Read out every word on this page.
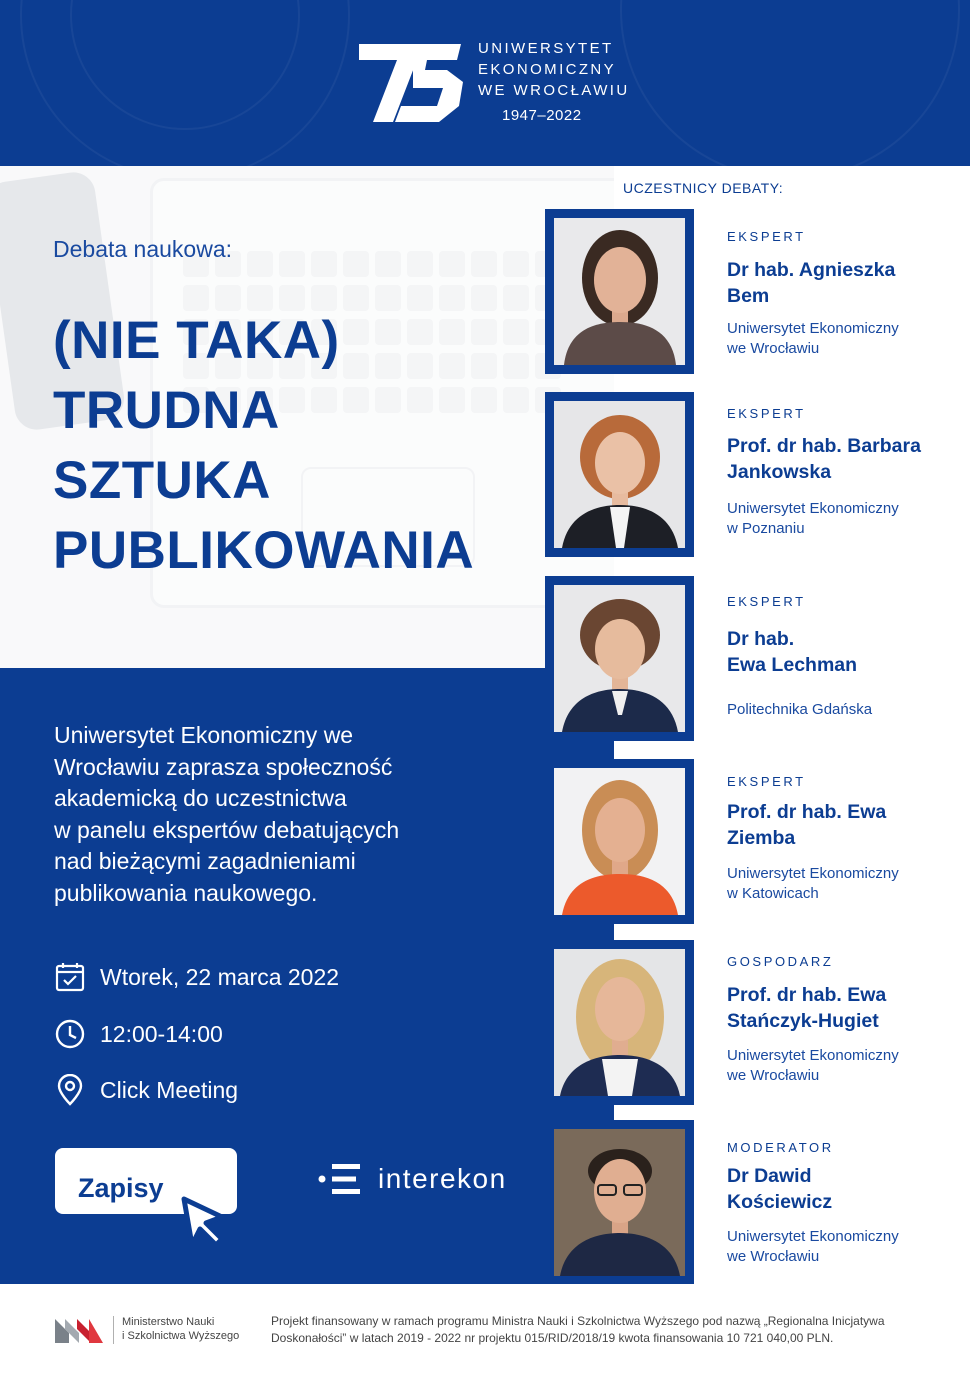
UNIWERSYTET
EKONOMICZNY
WE WROCŁAWIU
1947–2022
Debata naukowa:
(NIE TAKA)
TRUDNA
SZTUKA
PUBLIKOWANIA
Uniwersytet Ekonomiczny we
Wrocławiu zaprasza społeczność
akademicką do uczestnictwa
w panelu ekspertów debatujących
nad bieżącymi zagadnieniami
publikowania naukowego.
Wtorek, 22 marca 2022
12:00-14:00
Click Meeting
Zapisy	interekon
UCZESTNICY DEBATY:
EKSPERT
Dr hab. Agnieszka
Bem
Uniwersytet Ekonomiczny
we Wrocławiu
EKSPERT
Prof. dr hab. Barbara
Jankowska
Uniwersytet Ekonomiczny
w Poznaniu
EKSPERT
Dr hab.
Ewa Lechman
Politechnika Gdańska
EKSPERT
Prof. dr hab. Ewa
Ziemba
Uniwersytet Ekonomiczny
w Katowicach
GOSPODARZ
Prof. dr hab. Ewa
Stańczyk-Hugiet
Uniwersytet Ekonomiczny
we Wrocławiu
MODERATOR
Dr Dawid
Kościewicz
Uniwersytet Ekonomiczny
we Wrocławiu
Ministerstwo Nauki
i Szkolnictwa Wyższego
Projekt finansowany w ramach programu Ministra Nauki i Szkolnictwa Wyższego pod nazwą „Regionalna Inicjatywa
Doskonałości” w latach 2019 - 2022 nr projektu 015/RID/2018/19 kwota finansowania 10 721 040,00 PLN.
